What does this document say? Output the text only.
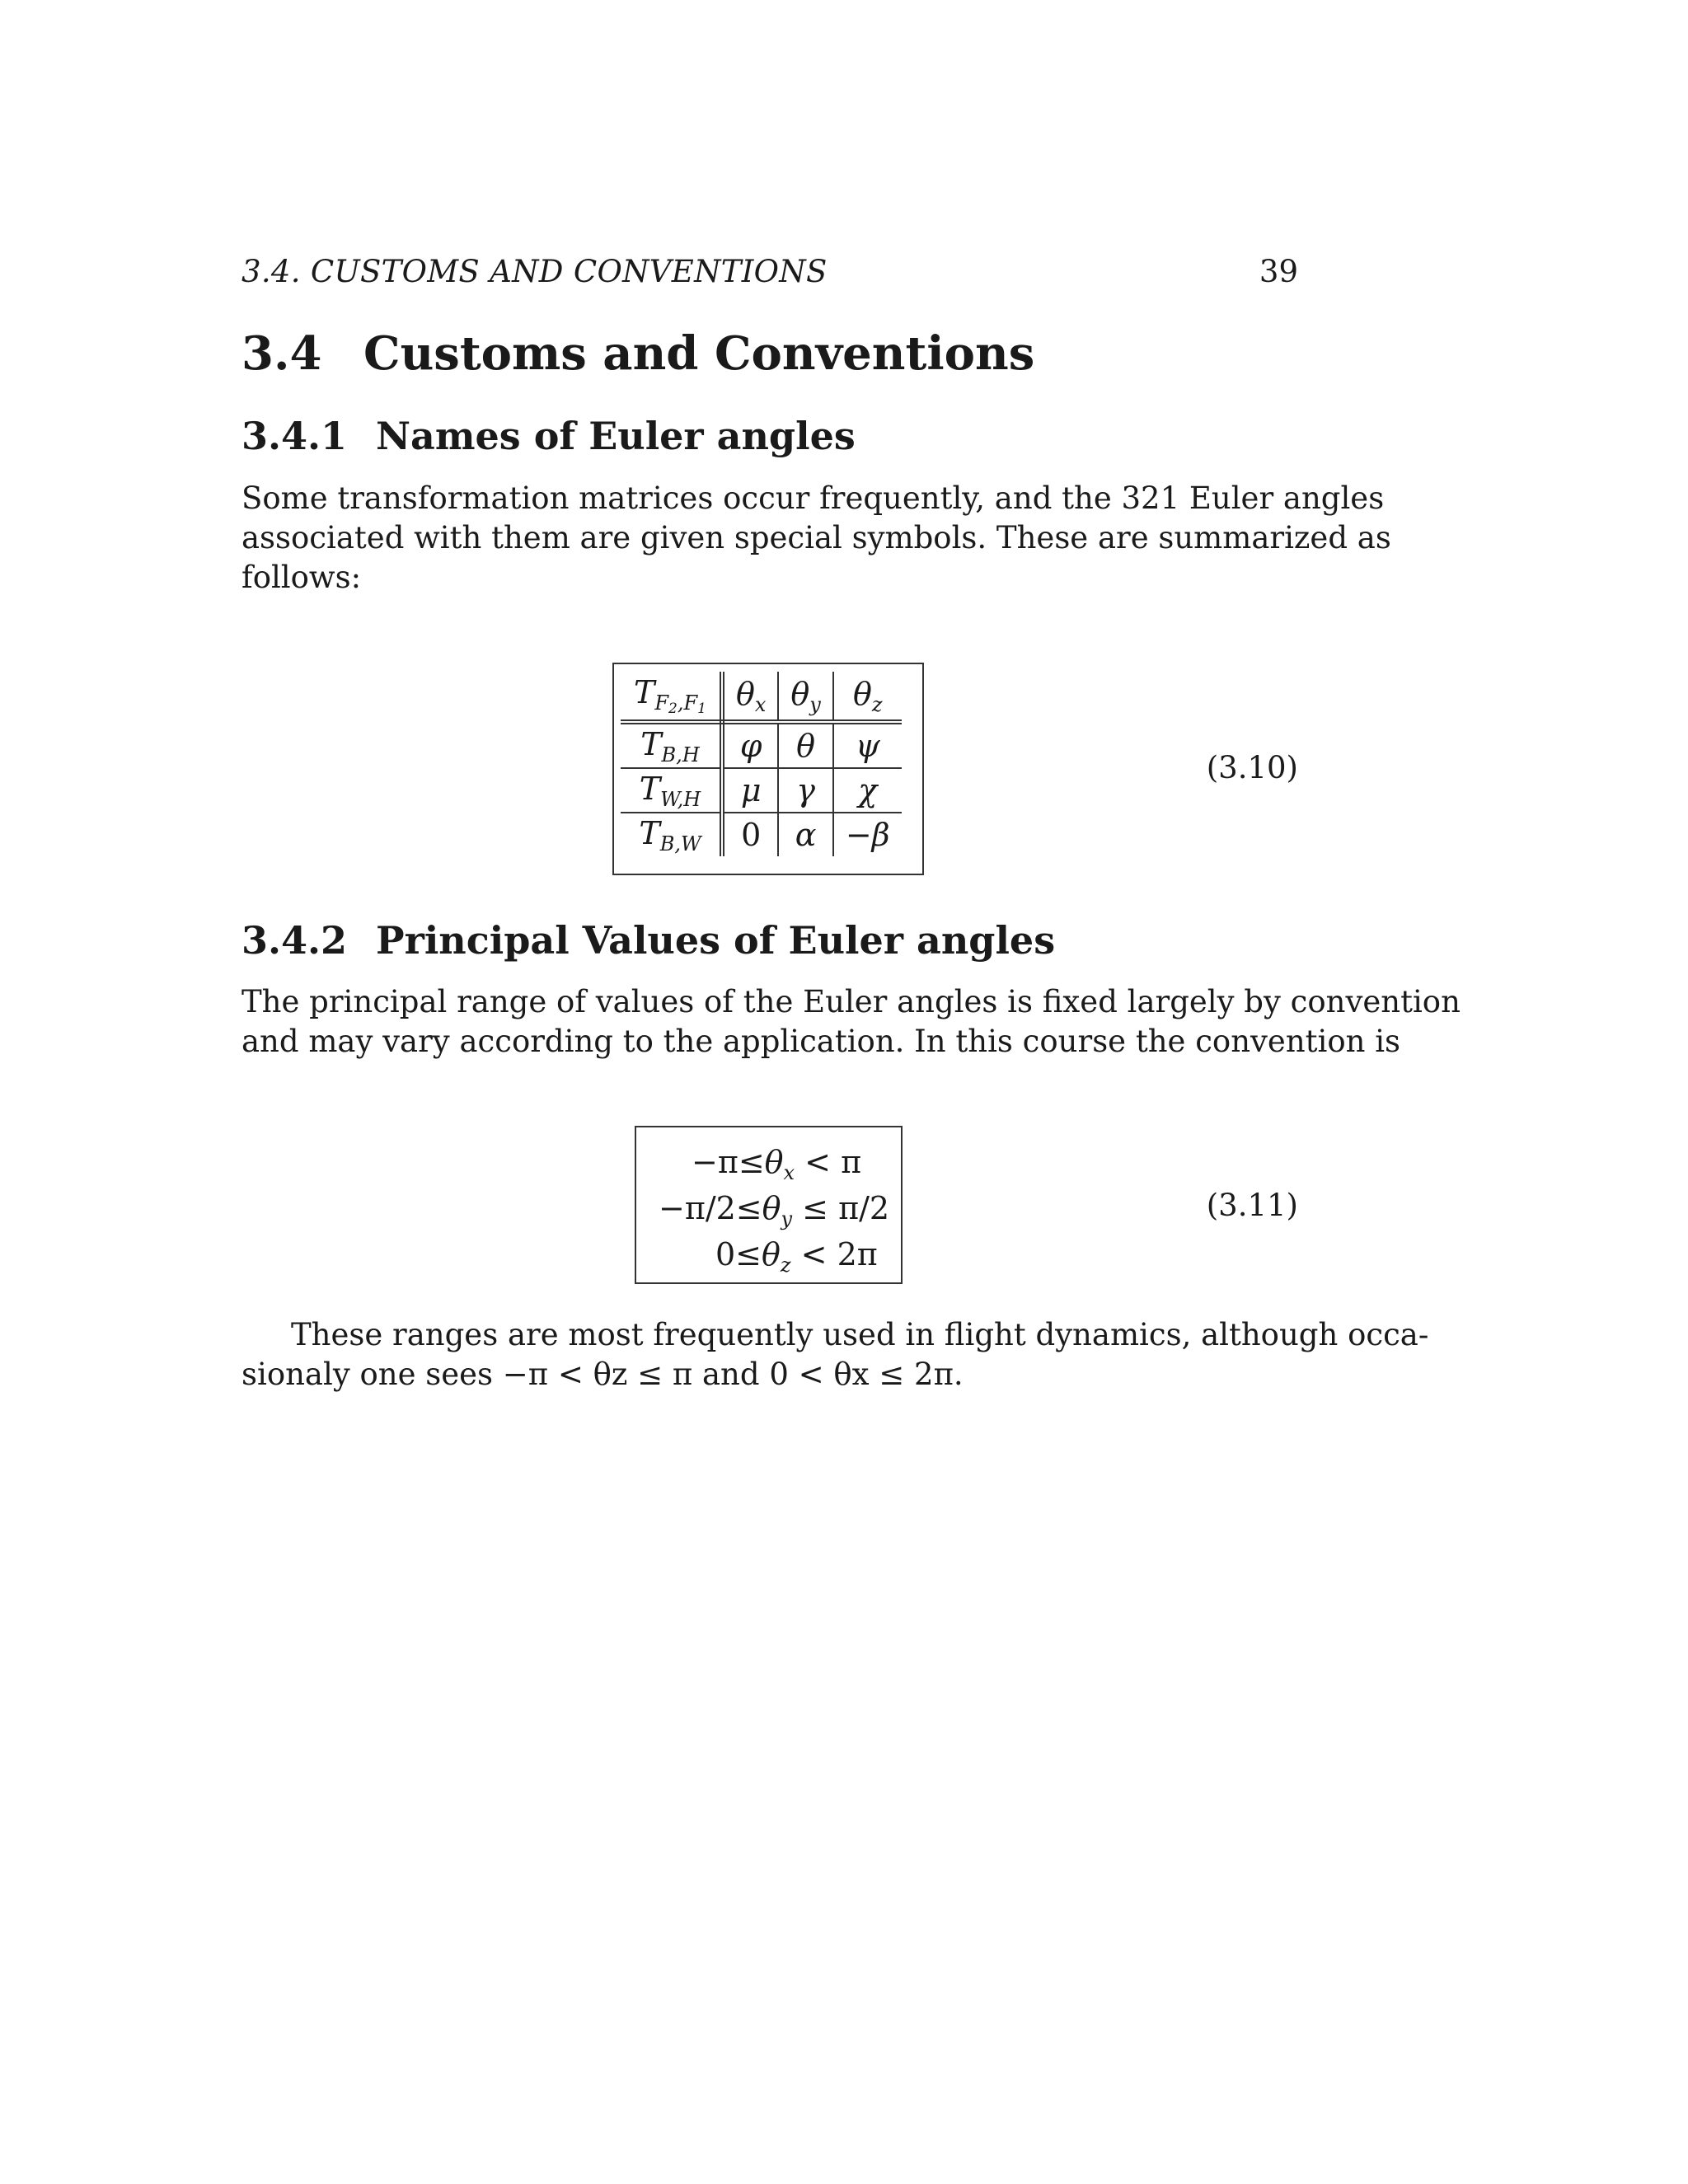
3.4. CUSTOMS AND CONVENTIONS	39
3.4 Customs and Conventions
3.4.1 Names of Euler angles
Some transformation matrices occur frequently, and the 321 Euler angles
associated with them are given special symbols. These are summarized as
follows:
$T_{F_2,F_1}$	$\theta_x$	$\theta_y$	$\theta_z$
$T_{B,H}$	φ	θ	ψ
$T_{W,H}$	μ	γ	χ
$T_{B,W}$	0	α	−β
(3.10)
3.4.2 Principal Values of Euler angles
The principal range of values of the Euler angles is fixed largely by convention
and may vary according to the application. In this course the convention is
$-\pi\le\theta_x < \pi$
$-\pi/2\le\theta_y \le \pi/2$
$0\le\theta_z < 2\pi$
(3.11)
These ranges are most frequently used in flight dynamics, although occa-
sionaly one sees −π < θz ≤ π and 0 < θx ≤ 2π.
